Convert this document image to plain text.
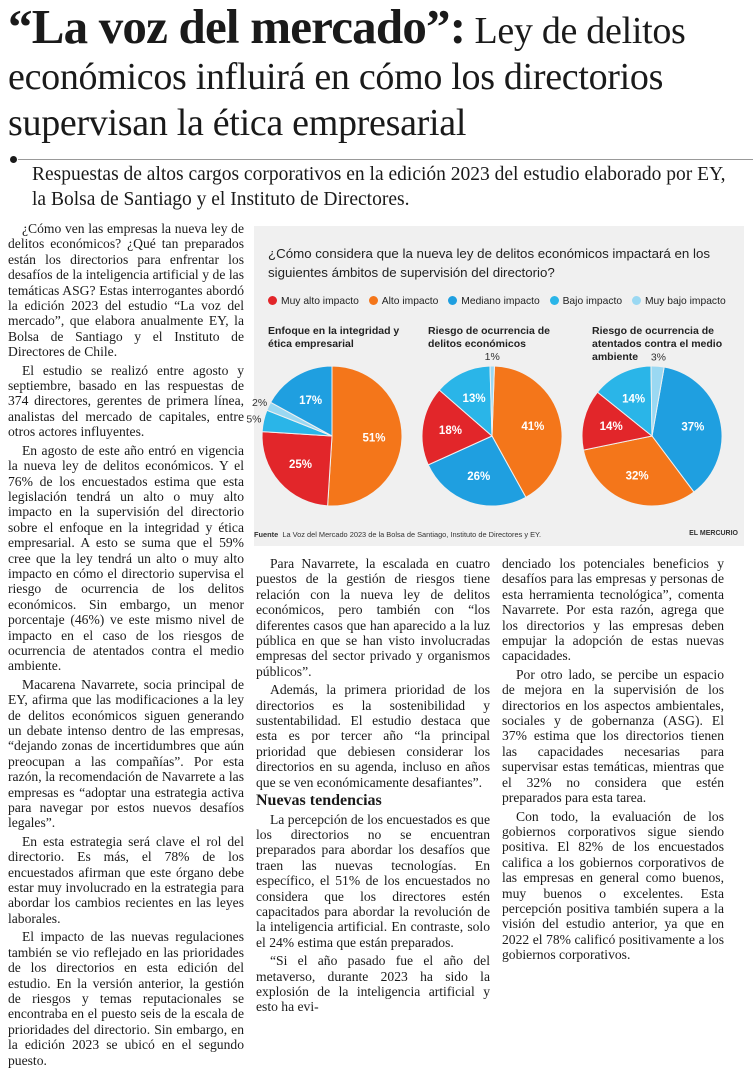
“La voz del mercado”: Ley de delitos económicos influirá en cómo los directorios supervisan la ética empresarial
Respuestas de altos cargos corporativos en la edición 2023 del estudio elaborado por EY, la Bolsa de Santiago y el Instituto de Directores.

¿Cómo ven las empresas la nueva ley de delitos económicos? ¿Qué tan preparados están los directorios para enfrentar los desafíos de la inteligencia artificial y de las temáticas ASG? Estas interrogantes abordó la edición 2023 del estudio “La voz del mercado”, que elabora anualmente EY, la Bolsa de Santiago y el Instituto de Directores de Chile.

El estudio se realizó entre agosto y septiembre, basado en las respuestas de 374 directores, gerentes de primera línea, analistas del mercado de capitales, entre otros actores influyentes.

En agosto de este año entró en vigencia la nueva ley de delitos económicos. Y el 76% de los encuestados estima que esta legislación tendrá un alto o muy alto impacto en la supervisión del directorio sobre el enfoque en la integridad y ética empresarial. A esto se suma que el 59% cree que la ley tendrá un alto o muy alto impacto en cómo el directorio supervisa el riesgo de ocurrencia de los delitos económicos. Sin embargo, un menor porcentaje (46%) ve este mismo nivel de impacto en el caso de los riesgos de ocurrencia de atentados contra el medio ambiente.

Macarena Navarrete, socia principal de EY, afirma que las modificaciones a la ley de delitos económicos siguen generando un debate intenso dentro de las empresas, “dejando zonas de incertidumbres que aún preocupan a las compañías”. Por esta razón, la recomendación de Navarrete a las empresas es “adoptar una estrategia activa para navegar por estos nuevos desafíos legales”.

En esta estrategia será clave el rol del directorio. Es más, el 78% de los encuestados afirman que este órgano debe estar muy involucrado en la estrategia para abordar los cambios recientes en las leyes laborales.

El impacto de las nuevas regulaciones también se vio reflejado en las prioridades de los directorios en esta edición del estudio. En la versión anterior, la gestión de riesgos y temas reputacionales se encontraba en el puesto seis de la escala de prioridades del directorio. Sin embargo, en la edición 2023 se ubicó en el segundo puesto.

¿Cómo considera que la nueva ley de delitos económicos impactará en los siguientes ámbitos de supervisión del directorio?
Muy alto impacto Alto impacto Mediano impacto Bajo impacto Muy bajo impacto
Enfoque en la integridad y ética empresarial
Riesgo de ocurrencia de delitos económicos
Riesgo de ocurrencia de atentados contra el medio ambiente
51%
25%
5%
2%	17%
41%
26%
18%
13%
1%
37%
32%
14%
14%
3%
Fuente La Voz del Mercado 2023 de la Bolsa de Santiago, Instituto de Directores y EY.	EL MERCURIO

Para Navarrete, la escalada en cuatro puestos de la gestión de riesgos tiene relación con la nueva ley de delitos económicos, pero también con “los diferentes casos que han aparecido a la luz pública en que se han visto involucradas empresas del sector privado y organismos públicos”.

Además, la primera prioridad de los directorios es la sostenibilidad y sustentabilidad. El estudio destaca que esta es por tercer año “la principal prioridad que debiesen considerar los directorios en su agenda, incluso en años que se ven económicamente desafiantes”.

Nuevas tendencias

La percepción de los encuestados es que los directorios no se encuentran preparados para abordar los desafíos que traen las nuevas tecnologías. En específico, el 51% de los encuestados no considera que los directores estén capacitados para abordar la revolución de la inteligencia artificial. En contraste, solo el 24% estima que están preparados.

“Si el año pasado fue el año del metaverso, durante 2023 ha sido la explosión de la inteligencia artificial y esto ha evi-

denciado los potenciales beneficios y desafíos para las empresas y personas de esta herramienta tecnológica”, comenta Navarrete. Por esta razón, agrega que los directorios y las empresas deben empujar la adopción de estas nuevas capacidades.

Por otro lado, se percibe un espacio de mejora en la supervisión de los directorios en los aspectos ambientales, sociales y de gobernanza (ASG). El 37% estima que los directorios tienen las capacidades necesarias para supervisar estas temáticas, mientras que el 32% no considera que estén preparados para esta tarea.

Con todo, la evaluación de los gobiernos corporativos sigue siendo positiva. El 82% de los encuestados califica a los gobiernos corporativos de las empresas en general como buenos, muy buenos o excelentes. Esta percepción positiva también supera a la visión del estudio anterior, ya que en 2022 el 78% calificó positivamente a los gobiernos corporativos.
